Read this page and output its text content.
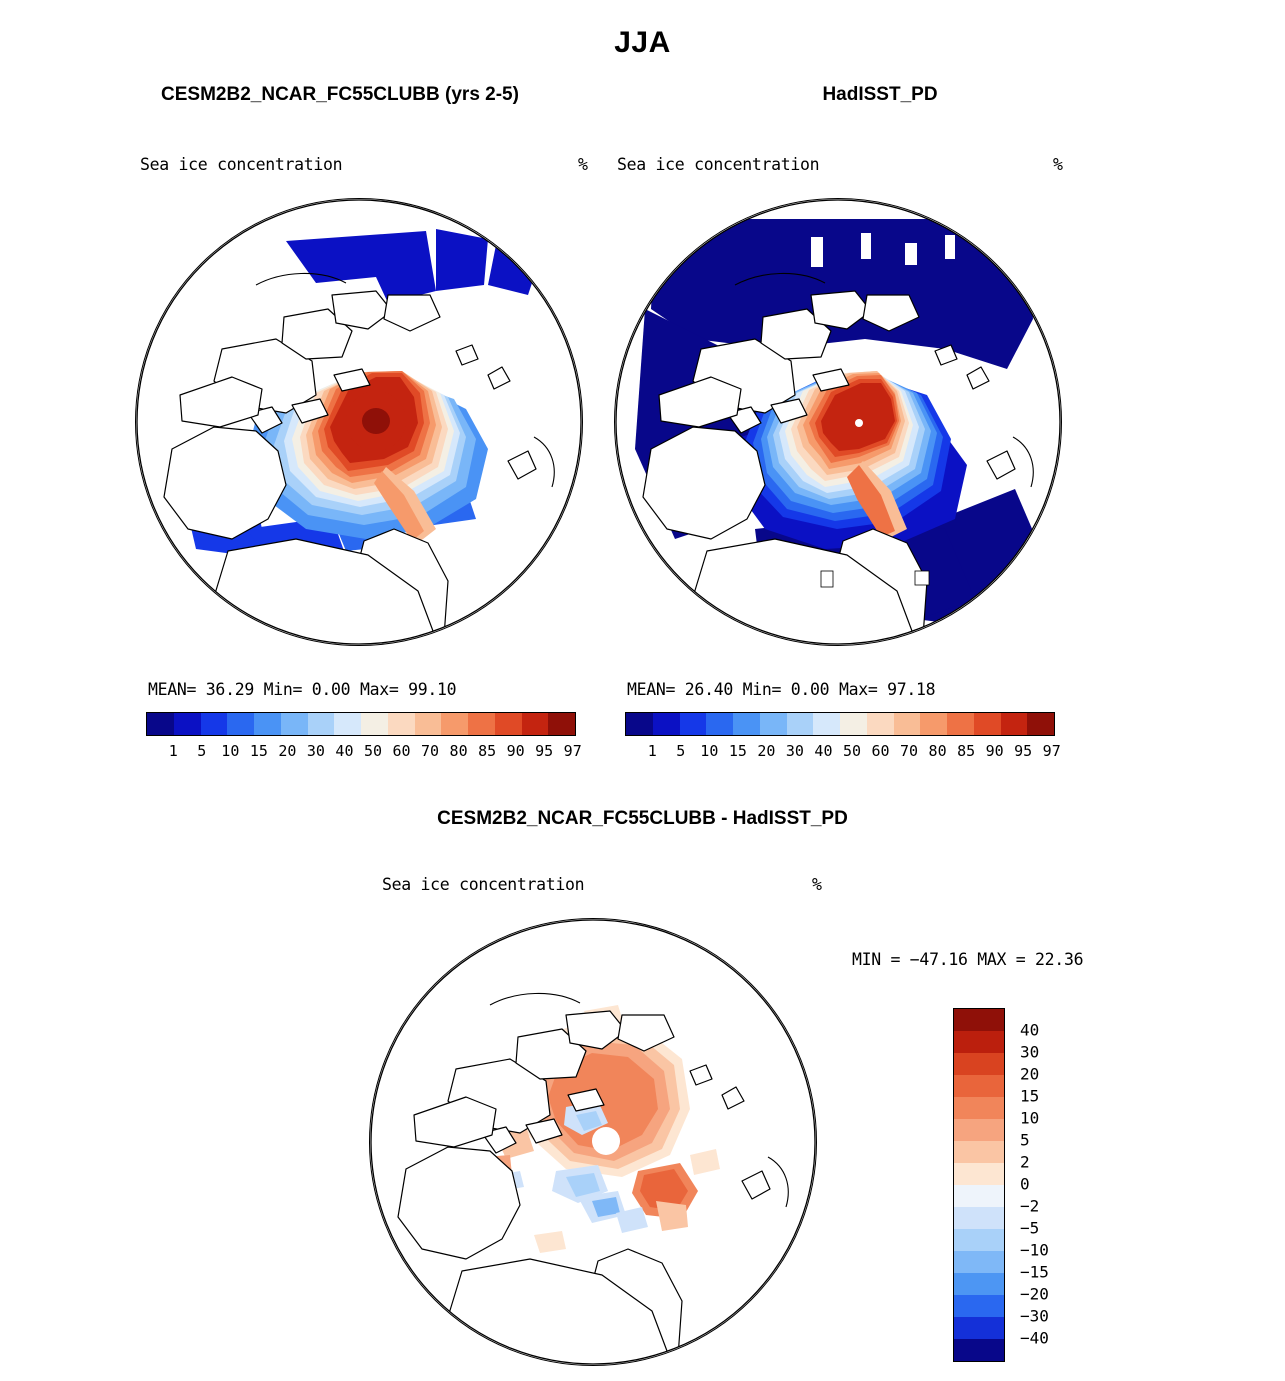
JJA
CESM2B2_NCAR_FC55CLUBB (yrs 2-5)
Sea ice concentration	%
MEAN= 36.29 Min= 0.00 Max= 99.10
1	5 10 15 20 30 40 50 60 70 80 85 90 95 97
HadISST_PD
Sea ice concentration	%
MEAN= 26.40 Min= 0.00 Max= 97.18
1	5 10 15 20 30 40 50 60 70 80 85 90 95 97
CESM2B2_NCAR_FC55CLUBB - HadISST_PD
Sea ice concentration	%
MIN = −47.16 MAX = 22.36
40
30
20
15
10
5
2
0
−2
−5
−10
−15
−20
−30
−40
